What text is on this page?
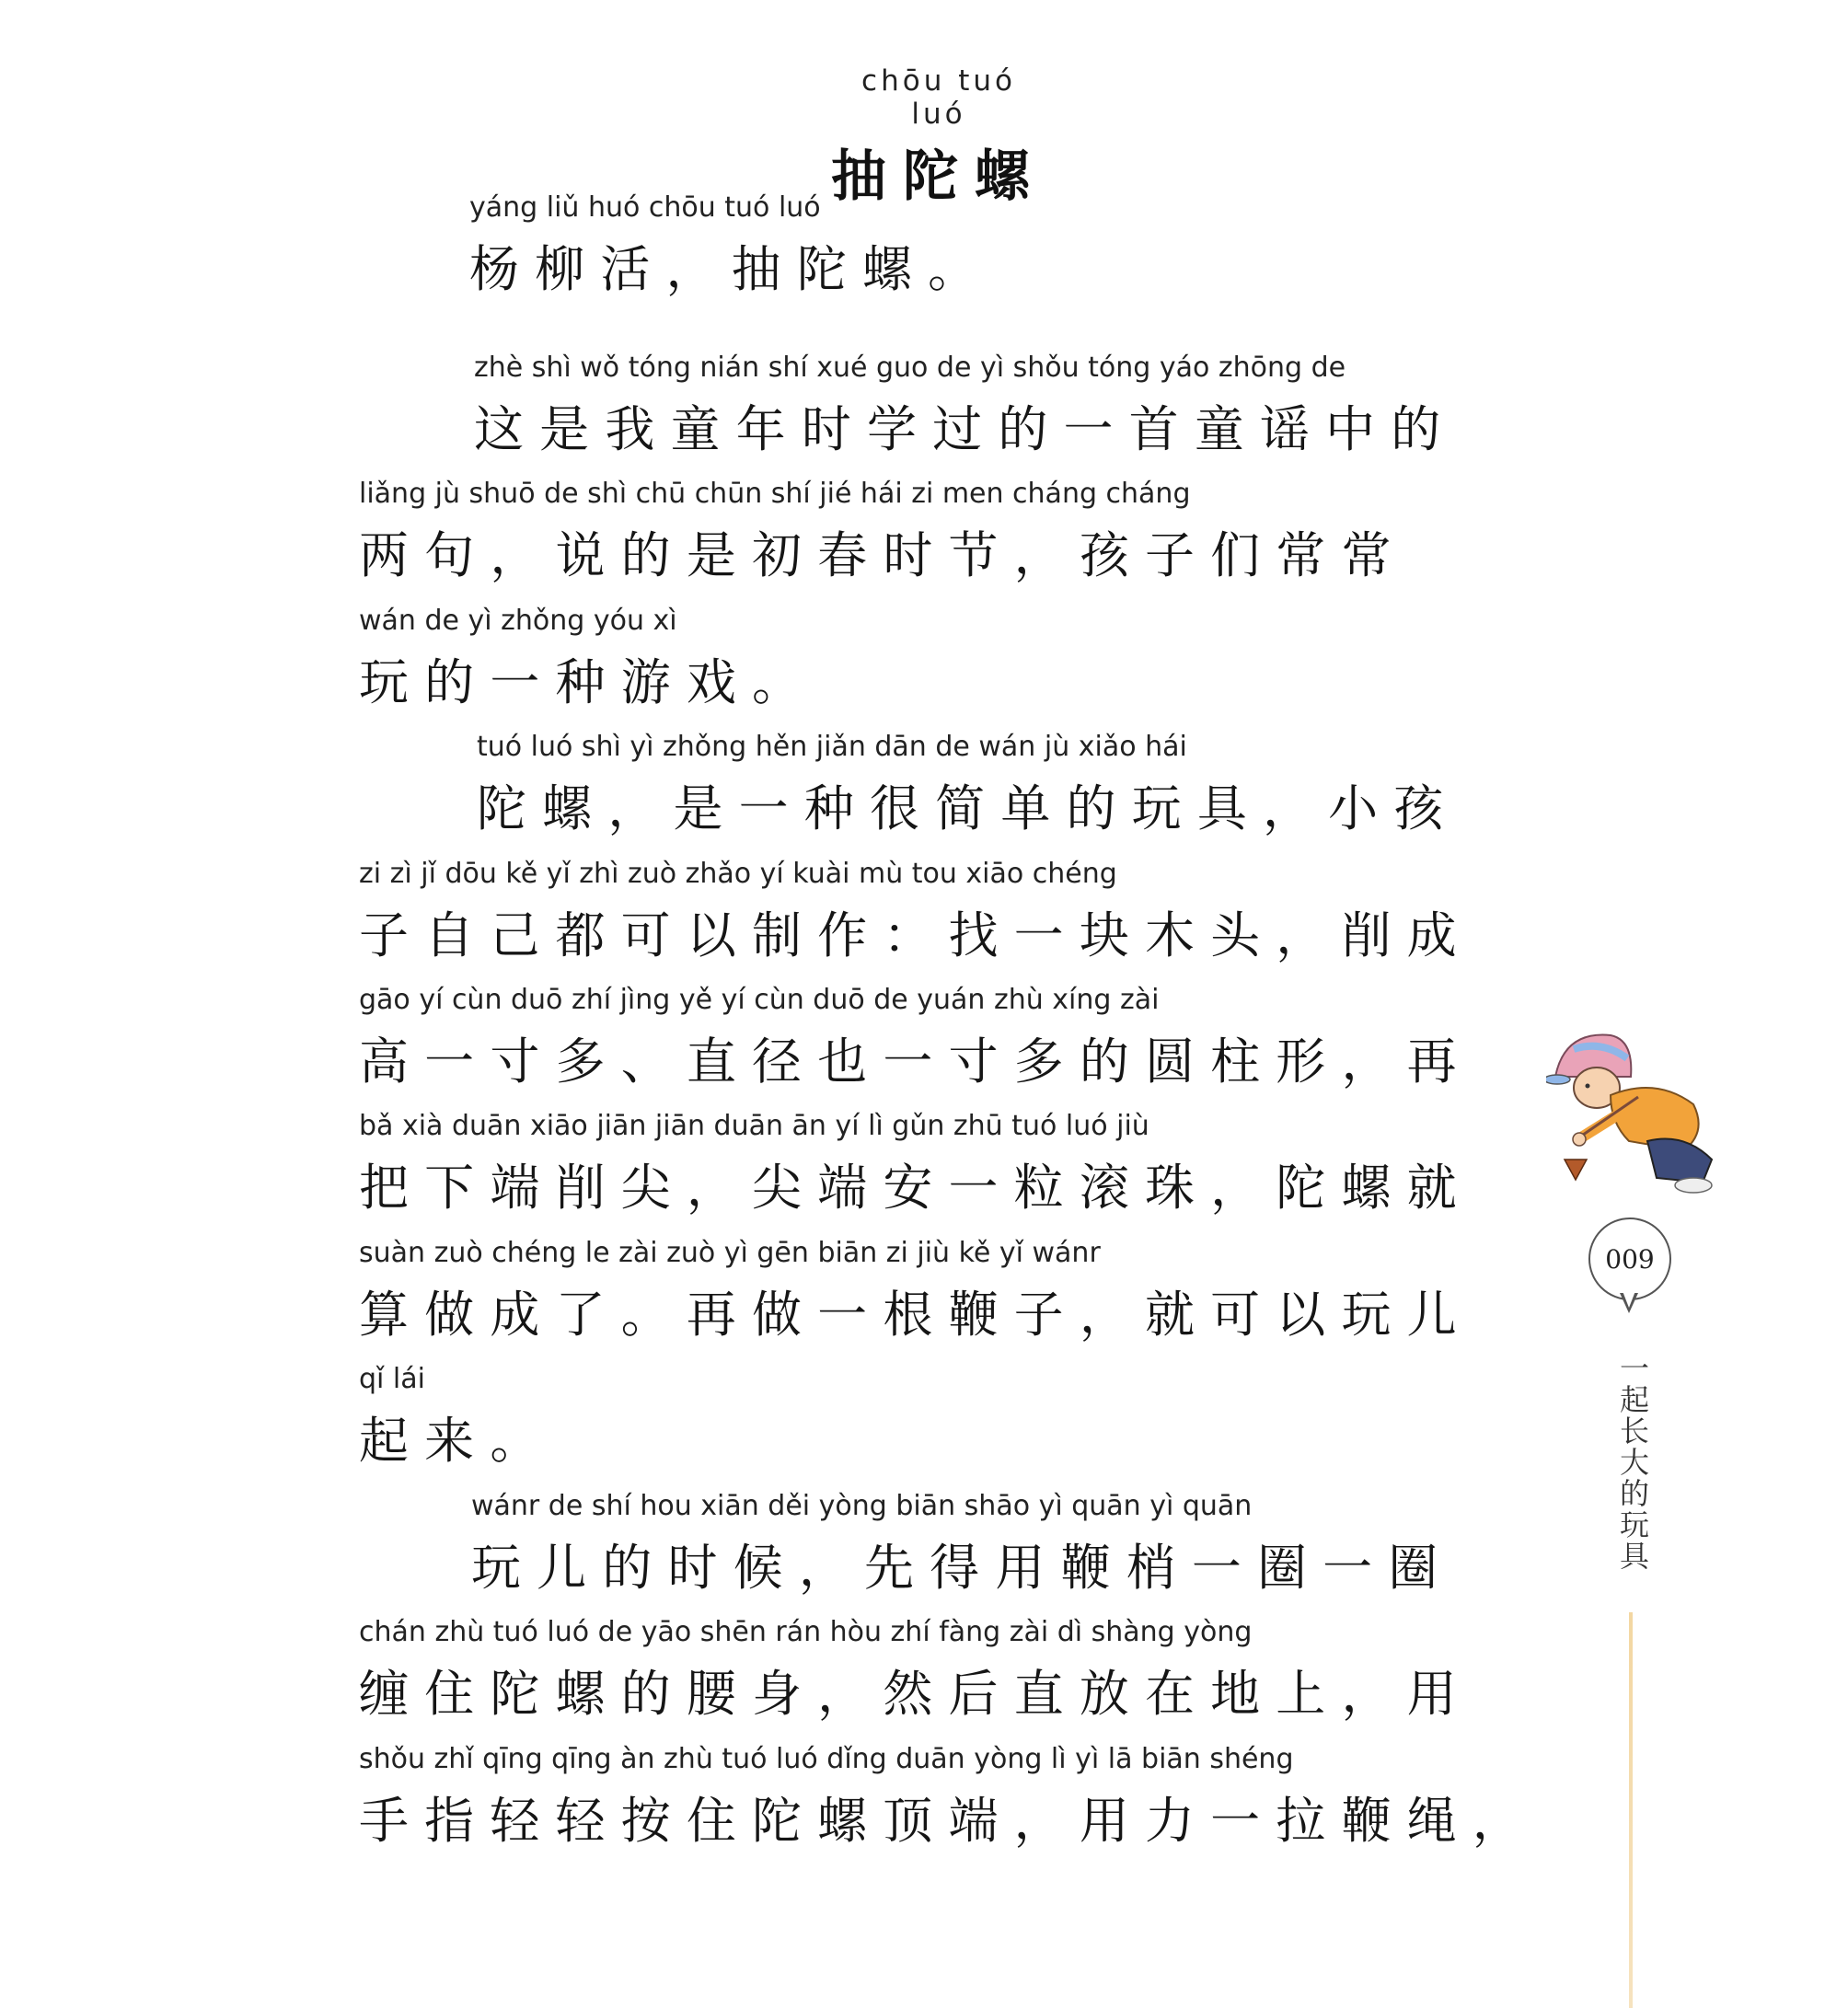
chōu tuó luó
抽陀螺
yáng liǔ huó chōu tuó luó
杨 柳 活 ， 抽 陀 螺 。
zhè shì wǒ tóng nián shí xué guo de yì shǒu tóng yáo zhōng de
这 是 我 童 年 时 学 过 的 一 首 童 谣 中 的
liǎng jù shuō de shì chū chūn shí jié hái zi men cháng cháng
两 句 ， 说 的 是 初 春 时 节 ， 孩 子 们 常 常
wán de yì zhǒng yóu xì
玩 的 一 种 游 戏 。
tuó luó shì yì zhǒng hěn jiǎn dān de wán jù xiǎo hái
陀 螺 ， 是 一 种 很 简 单 的 玩 具 ， 小 孩
zi zì jǐ dōu kě yǐ zhì zuò zhǎo yí kuài mù tou xiāo chéng
子 自 己 都 可 以 制 作 ： 找 一 块 木 头 ， 削 成
gāo yí cùn duō zhí jìng yě yí cùn duō de yuán zhù xíng zài
高 一 寸 多 、 直 径 也 一 寸 多 的 圆 柱 形 ， 再
bǎ xià duān xiāo jiān jiān duān ān yí lì gǔn zhū tuó luó jiù
把 下 端 削 尖 ， 尖 端 安 一 粒 滚 珠 ， 陀 螺 就
suàn zuò chéng le zài zuò yì gēn biān zi jiù kě yǐ wánr
算 做 成 了 。 再 做 一 根 鞭 子 ， 就 可 以 玩 儿
qǐ lái
起 来 。
wánr de shí hou xiān děi yòng biān shāo yì quān yì quān
玩 儿 的 时 候 ， 先 得 用 鞭 梢 一 圈 一 圈
chán zhù tuó luó de yāo shēn rán hòu zhí fàng zài dì shàng yòng
缠 住 陀 螺 的 腰 身 ， 然 后 直 放 在 地 上 ， 用
shǒu zhǐ qīng qīng àn zhù tuó luó dǐng duān yòng lì yì lā biān shéng
手 指 轻 轻 按 住 陀 螺 顶 端 ， 用 力 一 拉 鞭 绳 ，
009
一起长大的玩具
